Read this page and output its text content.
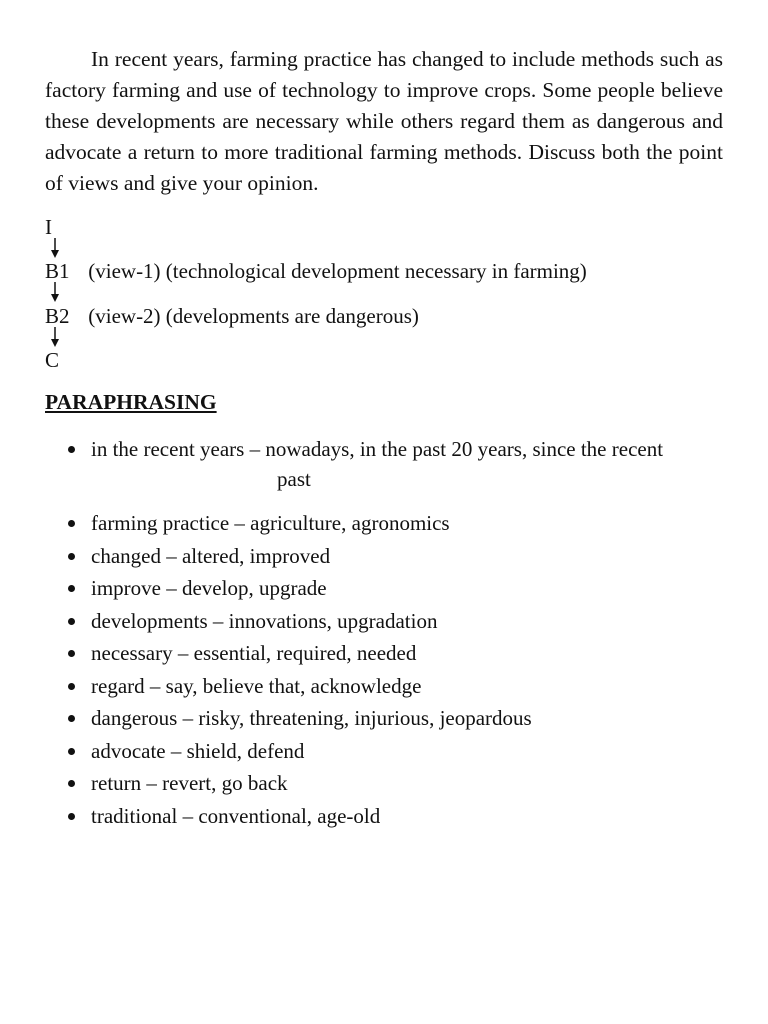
In recent years, farming practice has changed to include methods such as factory farming and use of technology to improve crops. Some people believe these developments are necessary while others regard them as dangerous and advocate a return to more traditional farming methods. Discuss both the point of views and give your opinion.

I
B1 (view-1) (technological development necessary in farming)
B2 (view-2) (developments are dangerous)
C
PARAPHRASING
in the recent years – nowadays, in the past 20 years, since the recent
past
farming practice – agriculture, agronomics
changed – altered, improved
improve – develop, upgrade
developments – innovations, upgradation
necessary – essential, required, needed
regard – say, believe that, acknowledge
dangerous – risky, threatening, injurious, jeopardous
advocate – shield, defend
return – revert, go back
traditional – conventional, age-old
